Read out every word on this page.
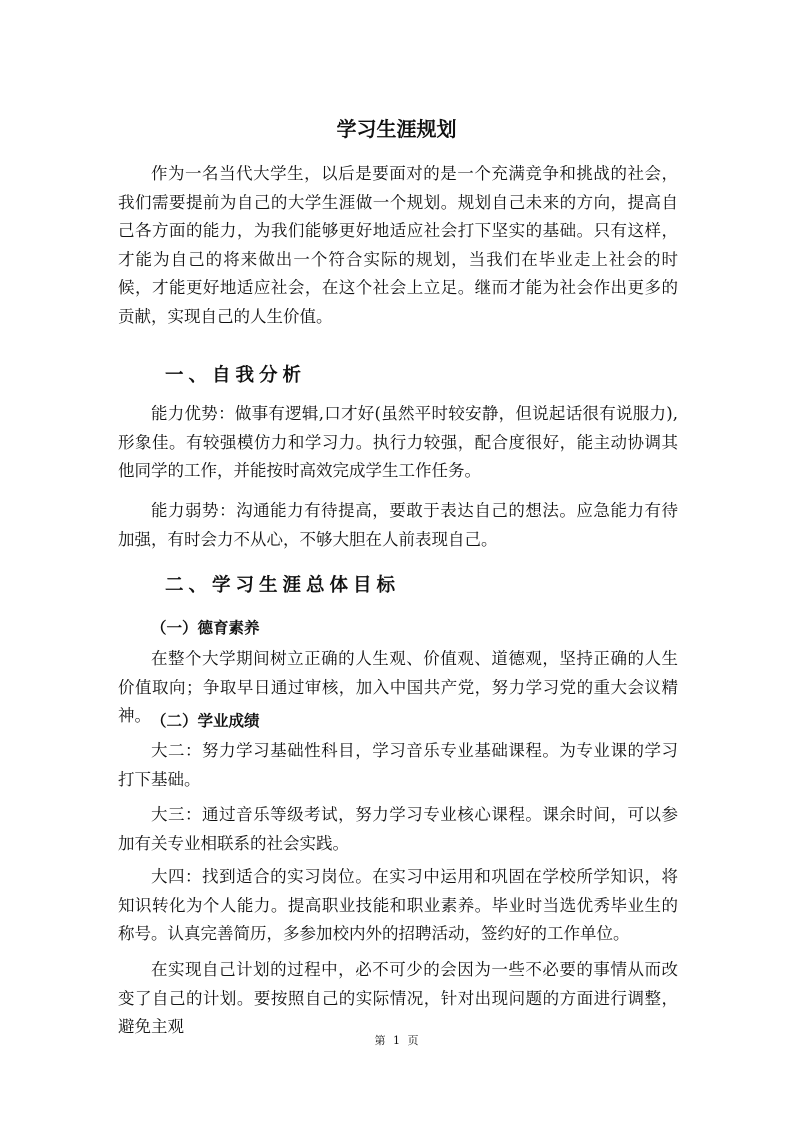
学习生涯规划

作为一名当代大学生，以后是要面对的是一个充满竞争和挑战的社会，我们需要提前为自己的大学生涯做一个规划。规划自己未来的方向，提高自己各方面的能力，为我们能够更好地适应社会打下坚实的基础。只有这样，才能为自己的将来做出一个符合实际的规划，当我们在毕业走上社会的时候，才能更好地适应社会，在这个社会上立足。继而才能为社会作出更多的贡献，实现自己的人生价值。

一、自我分析

能力优势：做事有逻辑,口才好(虽然平时较安静，但说起话很有说服力),形象佳。有较强模仿力和学习力。执行力较强，配合度很好，能主动协调其他同学的工作，并能按时高效完成学生工作任务。

能力弱势：沟通能力有待提高，要敢于表达自己的想法。应急能力有待加强，有时会力不从心，不够大胆在人前表现自己。

二、学习生涯总体目标
（一）德育素养

在整个大学期间树立正确的人生观、价值观、道德观，坚持正确的人生价值取向；争取早日通过审核，加入中国共产党，努力学习党的重大会议精神。 （二）学业成绩

大二：努力学习基础性科目，学习音乐专业基础课程。为专业课的学习打下基础。

大三：通过音乐等级考试，努力学习专业核心课程。课余时间，可以参加有关专业相联系的社会实践。

大四：找到适合的实习岗位。在实习中运用和巩固在学校所学知识，将知识转化为个人能力。提高职业技能和职业素养。毕业时当选优秀毕业生的称号。认真完善简历，多参加校内外的招聘活动，签约好的工作单位。

在实现自己计划的过程中，必不可少的会因为一些不必要的事情从而改变了自己的计划。要按照自己的实际情况，针对出现问题的方面进行调整，避免主观

第 1 页
